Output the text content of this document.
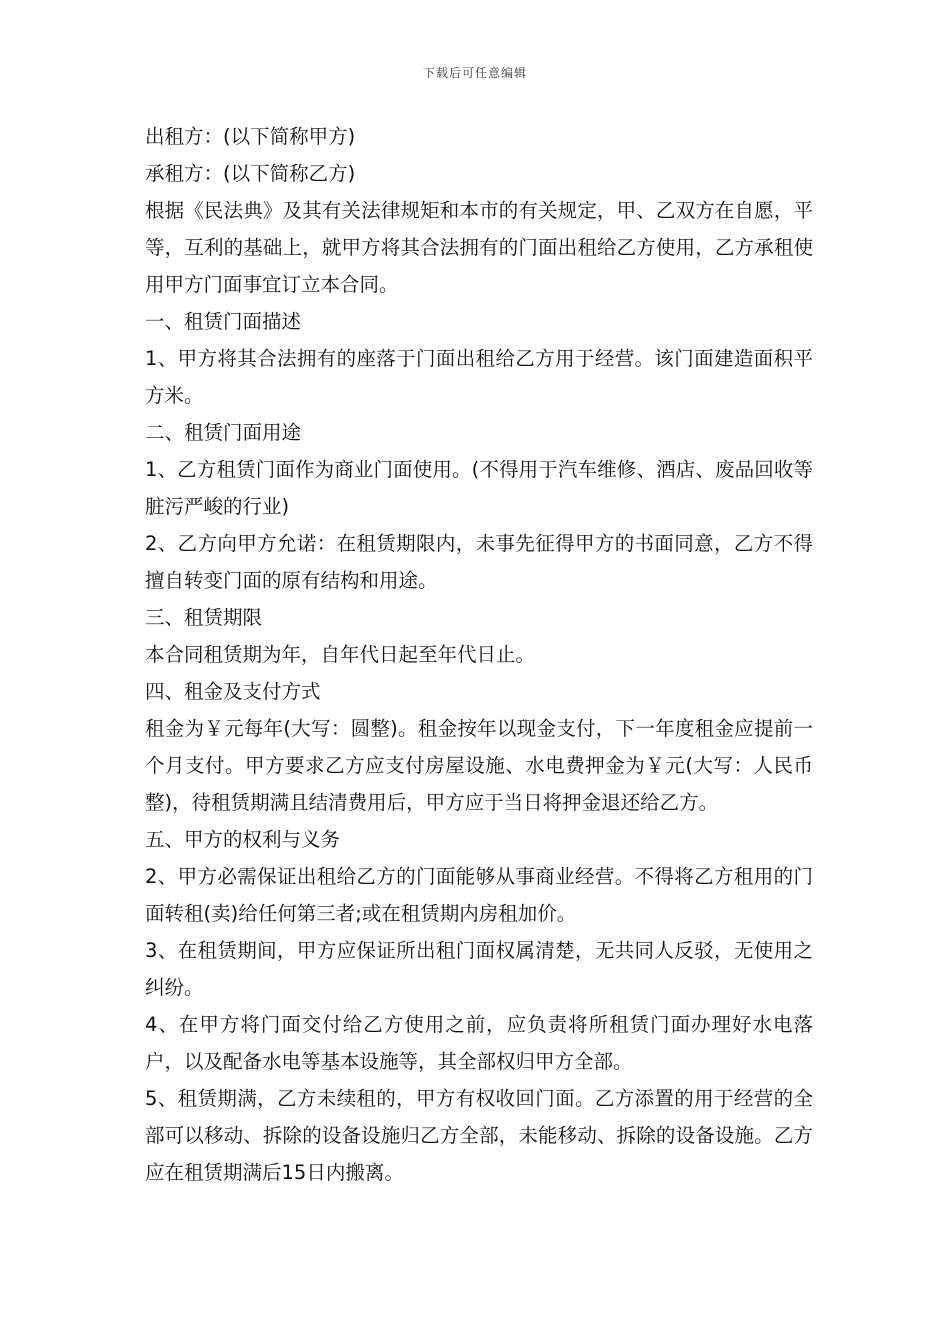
下载后可任意编辑

出租方：(以下简称甲方)

承租方：(以下简称乙方)

根据《民法典》及其有关法律规矩和本市的有关规定，甲、乙双方在自愿，平等，互利的基础上，就甲方将其合法拥有的门面出租给乙方使用，乙方承租使用甲方门面事宜订立本合同。

一、租赁门面描述

1、甲方将其合法拥有的座落于门面出租给乙方用于经营。该门面建造面积平方米。

二、租赁门面用途

1、乙方租赁门面作为商业门面使用。(不得用于汽车维修、酒店、废品回收等脏污严峻的行业)

2、乙方向甲方允诺：在租赁期限内，未事先征得甲方的书面同意，乙方不得擅自转变门面的原有结构和用途。

三、租赁期限

本合同租赁期为年，自年代日起至年代日止。

四、租金及支付方式

租金为￥元每年(大写：圆整)。租金按年以现金支付，下一年度租金应提前一个月支付。甲方要求乙方应支付房屋设施、水电费押金为￥元(大写：人民币整)，待租赁期满且结清费用后，甲方应于当日将押金退还给乙方。

五、甲方的权利与义务

2、甲方必需保证出租给乙方的门面能够从事商业经营。不得将乙方租用的门面转租(卖)给任何第三者;或在租赁期内房租加价。

3、在租赁期间，甲方应保证所出租门面权属清楚，无共同人反驳，无使用之纠纷。

4、在甲方将门面交付给乙方使用之前，应负责将所租赁门面办理好水电落户，以及配备水电等基本设施等，其全部权归甲方全部。

5、租赁期满，乙方未续租的，甲方有权收回门面。乙方添置的用于经营的全部可以移动、拆除的设备设施归乙方全部，未能移动、拆除的设备设施。乙方应在租赁期满后15日内搬离。
